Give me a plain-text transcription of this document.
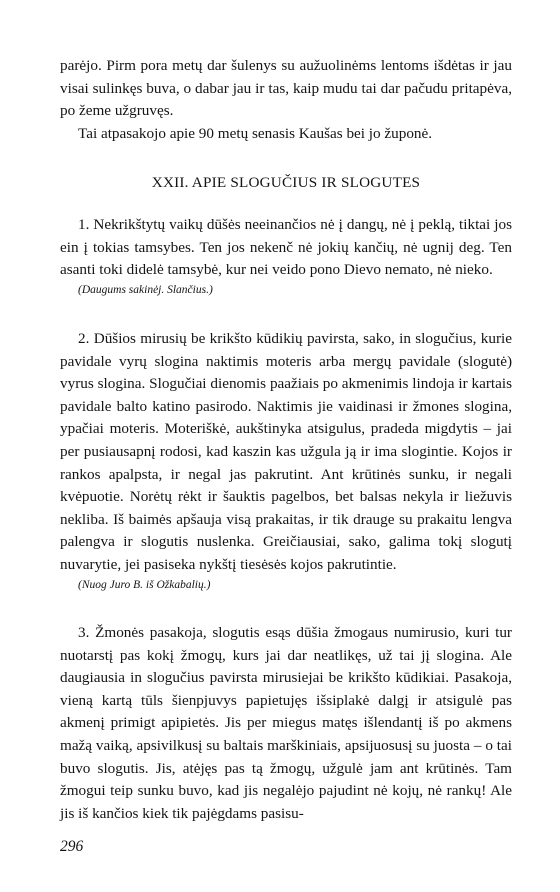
parėjo. Pirm pora metų dar šulenys su aužuolinėms lentoms išdėtas ir jau visai sulinkęs buva, o dabar jau ir tas, kaip mudu tai dar pačudu pritapėva, po žeme užgruvęs.

Tai atpasakojo apie 90 metų senasis Kaušas bei jo župonė.

XXII. APIE SLOGUČIUS IR SLOGUTES

1. Nekrikštytų vaikų dūšės neeinančios nė į dangų, nė į peklą, tiktai jos ein į tokias tamsybes. Ten jos nekenč nė jokių kančių, nė ugnij deg. Ten asanti toki didelė tamsybė, kur nei veido pono Dievo nemato, nė nieko.

(Daugums sakinėj. Slančius.)

2. Dūšios mirusių be krikšto kūdikių pavirsta, sako, in slogučius, kurie pavidale vyrų slogina naktimis moteris arba mergų pavidale (slogutė) vyrus slogina. Slogučiai dienomis paažiais po akmenimis lindoja ir kartais pavidale balto katino pasirodo. Naktimis jie vaidinasi ir žmones slogina, ypačiai moteris. Moteriškė, aukštinyka atsigulus, pradeda migdytis – jai per pusiausapnį rodosi, kad kaszin kas užgula ją ir ima slogintie. Kojos ir rankos apalpsta, ir negal jas pakrutint. Ant krūtinės sunku, ir negali kvėpuotie. Norėtų rėkt ir šauktis pagelbos, bet balsas nekyla ir liežuvis nekliba. Iš baimės apšauja visą prakaitas, ir tik drauge su prakaitu lengva palengva ir slogutis nuslenka. Greičiausiai, sako, galima tokį slogutį nuvarytie, jei pasiseka nykštį tiesėsės kojos pakrutintie.

(Nuog Juro B. iš Ožkabalių.)

3. Žmonės pasakoja, slogutis esąs dūšia žmogaus numirusio, kuri tur nuotarstį pas kokį žmogų, kurs jai dar neatlikęs, už tai jį slogina. Ale daugiausia in slogučius pavirsta mirusiejai be krikšto kūdikiai. Pasakoja, vieną kartą tūls šienpjuvys papietujęs išsiplakė dalgį ir atsigulė pas akmenį primigt apipietės. Jis per miegus matęs išlendantį iš po akmens mažą vaiką, apsivilkusį su baltais marškiniais, apsijuosusį su juosta – o tai buvo slogutis. Jis, atėjęs pas tą žmogų, užgulė jam ant krūtinės. Tam žmogui teip sunku buvo, kad jis negalėjo pajudint nė kojų, nė rankų! Ale jis iš kančios kiek tik pajėgdams pasisu-

296
